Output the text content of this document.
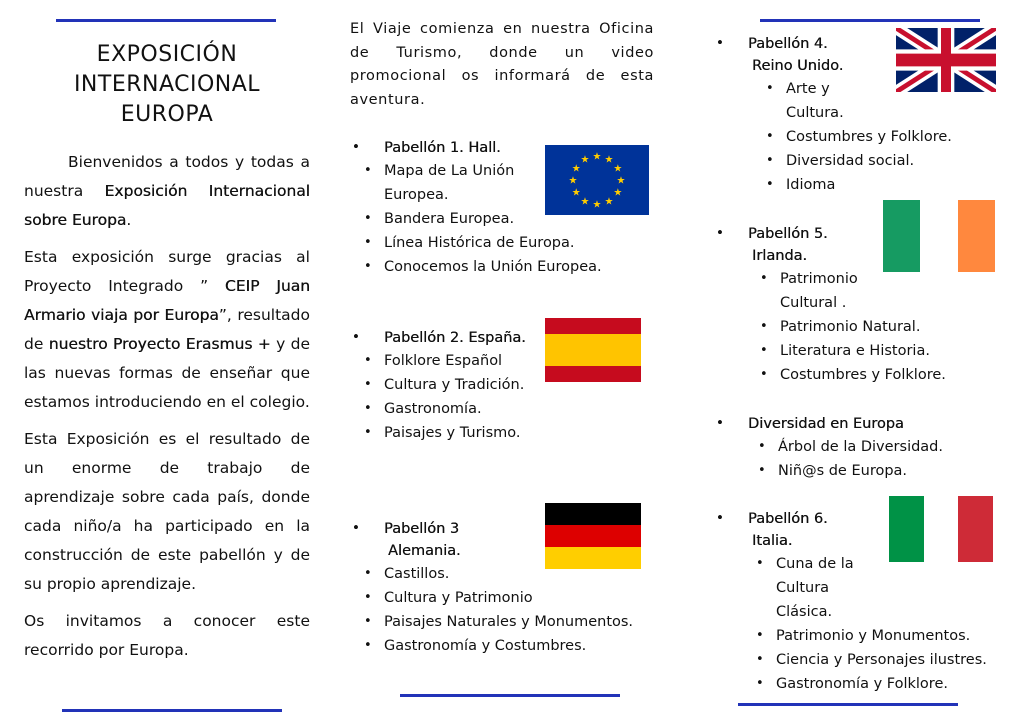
EXPOSICIÓN
INTERNACIONAL
EUROPA

Bienvenidos a todos y todas a nuestra Exposición Internacional sobre Europa.

Esta exposición surge gracias al Proyecto Integrado ” CEIP Juan Armario viaja por Europa”, resultado de nuestro Proyecto Erasmus + y de las nuevas formas de enseñar que estamos introduciendo en el colegio.

Esta Exposición es el resultado de un enorme de trabajo de aprendizaje sobre cada país, donde cada niño/a ha participado en la construcción de este pabellón y de su propio aprendizaje.

Os invitamos a conocer este recorrido por Europa.

El Viaje comienza en nuestra Oficina de Turismo, donde un video promocional os informará de esta aventura.
• Pabellón 1. Hall.
• Mapa de La Unión Europea.
• Bandera Europea.
• Línea Histórica de Europa.
• Conocemos la Unión Europea.
• Pabellón 2. España.
• Folklore Español
• Cultura y Tradición.
• Gastronomía.
• Paisajes y Turismo.
• Pabellón 3
Alemania.
• Castillos.
• Cultura y Patrimonio
• Paisajes Naturales y Monumentos.
• Gastronomía y Costumbres.
★ ★
★
★
★
★
★
★
★
★
★
★
• Pabellón 4.
Reino Unido.
• Arte y Cultura.
• Costumbres y Folklore.
• Diversidad social.
• Idioma
• Pabellón 5.
Irlanda.
• Patrimonio Cultural .
• Patrimonio Natural.
• Literatura e Historia.
• Costumbres y Folklore.
• Diversidad en Europa
• Árbol de la Diversidad.
• Niñ@s de Europa.
• Pabellón 6.
Italia.
• Cuna de la Cultura Clásica.
• Patrimonio y Monumentos.
• Ciencia y Personajes ilustres.
• Gastronomía y Folklore.
